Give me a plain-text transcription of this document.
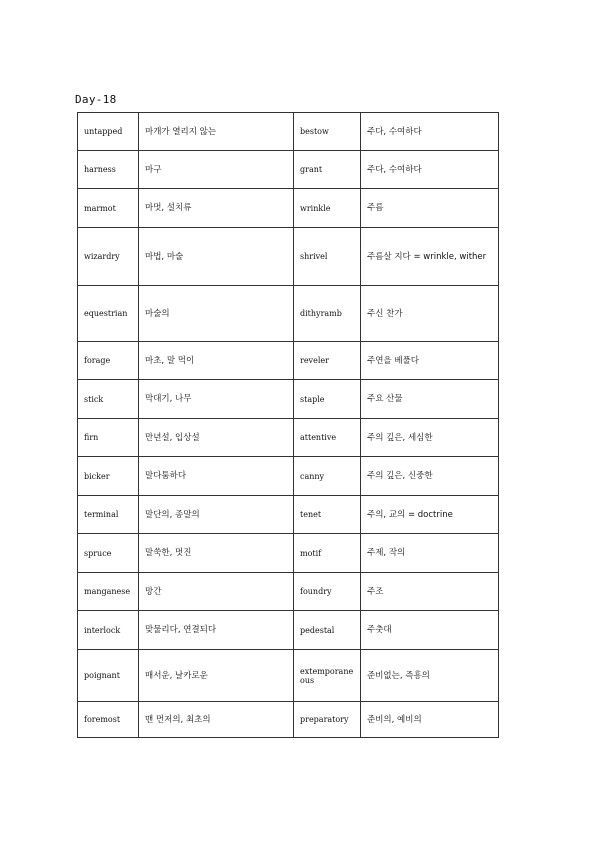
Day-18
untapped	마개가 열리지 않는	bestow	주다, 수여하다
harness	마구	grant	주다, 수여하다
marmot	마멋, 설치류	wrinkle	주름
wizardry	마법, 마술	shrivel	주름살 지다 = wrinkle, wither
equestrian	마술의	dithyramb	주신 찬가
forage	마초, 말 먹이	reveler	주연을 베풀다
stick	막대기, 나무	staple	주요 산물
firn	만년설, 입상설	attentive	주의 깊은, 세심한
bicker	말다툼하다	canny	주의 깊은, 신중한
terminal	말단의, 종말의	tenet	주의, 교의 = doctrine
spruce	말쑥한, 멋진	motif	주제, 작의
manganese	망간	foundry	주조
interlock	맞물리다, 연결되다	pedestal	주춧대
poignant	매서운, 날카로운	extemporaneous	준비없는, 즉흥의
foremost	맨 먼저의, 최초의	preparatory	준비의, 예비의
